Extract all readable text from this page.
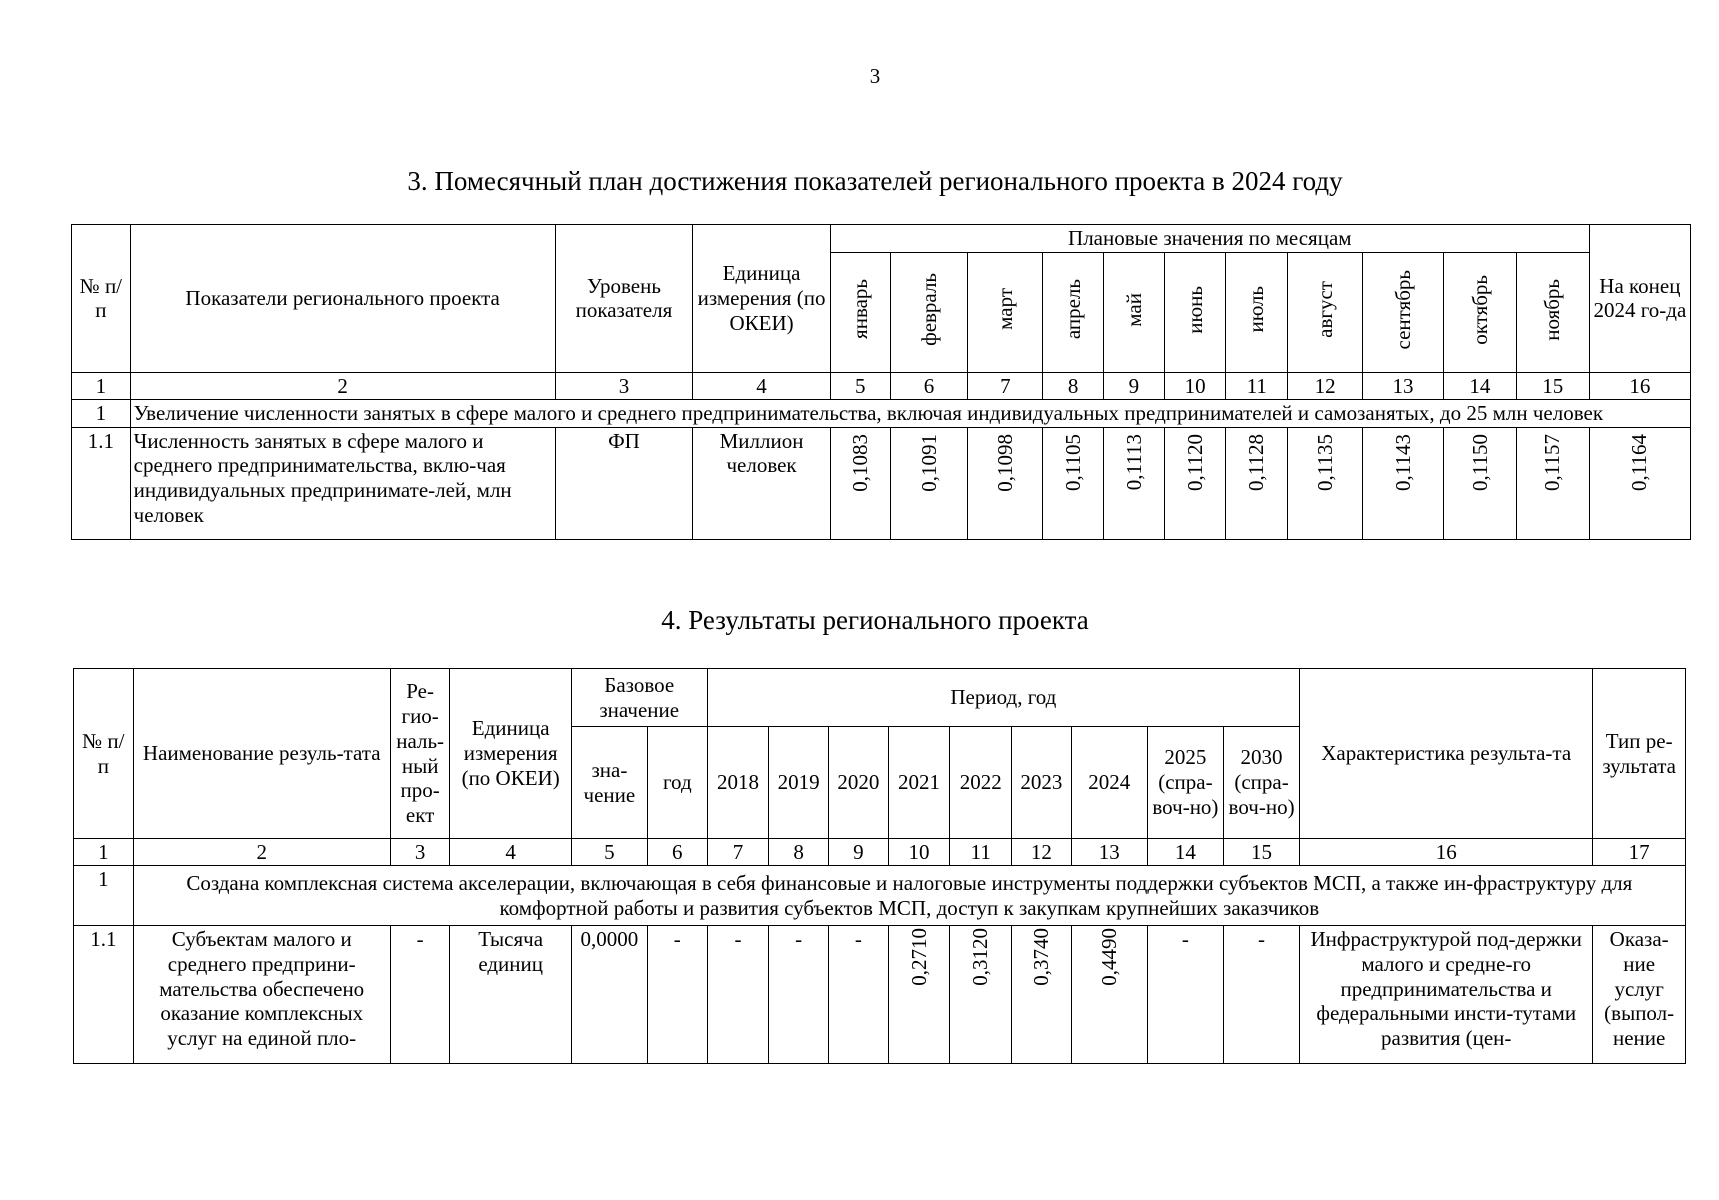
3
3. Помесячный план достижения показателей регионального проекта в 2024 году
№ п/п	Показатели регионального проекта	Уровень показателя	Единица измерения (по ОКЕИ)	Плановые значения по месяцам											На конец 2024 го-да
				январь	февраль	март	апрель	май	июнь	июль	август	сентябрь	октябрь	ноябрь	
1	2	3	4	5	6	7	8	9	10	11	12	13	14	15	16
1	Увеличение численности занятых в сфере малого и среднего предпринимательства, включая индивидуальных предпринимателей и самозанятых, до 25 млн человек														
1.1	Численность занятых в сфере малого и среднего предпринимательства, вклю-чая индивидуальных предпринимате-лей, млн человек	ФП	Миллион человек	0,1083	0,1091	0,1098	0,1105	0,1113	0,1120	0,1128	0,1135	0,1143	0,1150	0,1157	0,1164
4. Результаты регионального проекта
№ п/п	Наименование резуль-тата	Ре-гио-наль-ный про-ект	Единица измерения (по ОКЕИ)	Базовое значение		Период, год									Характеристика результа-та	Тип ре-зультата
				зна-чение	год	2018	2019	2020	2021	2022	2023	2024	2025 (спра-воч-но)	2030 (спра-воч-но)		
1	2	3	4	5	6	7	8	9	10	11	12	13	14	15	16	17
1	Создана комплексная система акселерации, включающая в себя финансовые и налоговые инструменты поддержки субъектов МСП, а также ин-фраструктуру для комфортной работы и развития субъектов МСП, доступ к закупкам крупнейших заказчиков															
1.1	Субъектам малого и среднего предприни-мательства обеспечено оказание комплексных услуг на единой пло-	-	Тысяча единиц	0,0000	-	-	-	-	0,2710	0,3120	0,3740	0,4490	-	-	Инфраструктурой под-держки малого и средне-го предпринимательства и федеральными инсти-тутами развития (цен-	Оказа-ние услуг (выпол-нение
